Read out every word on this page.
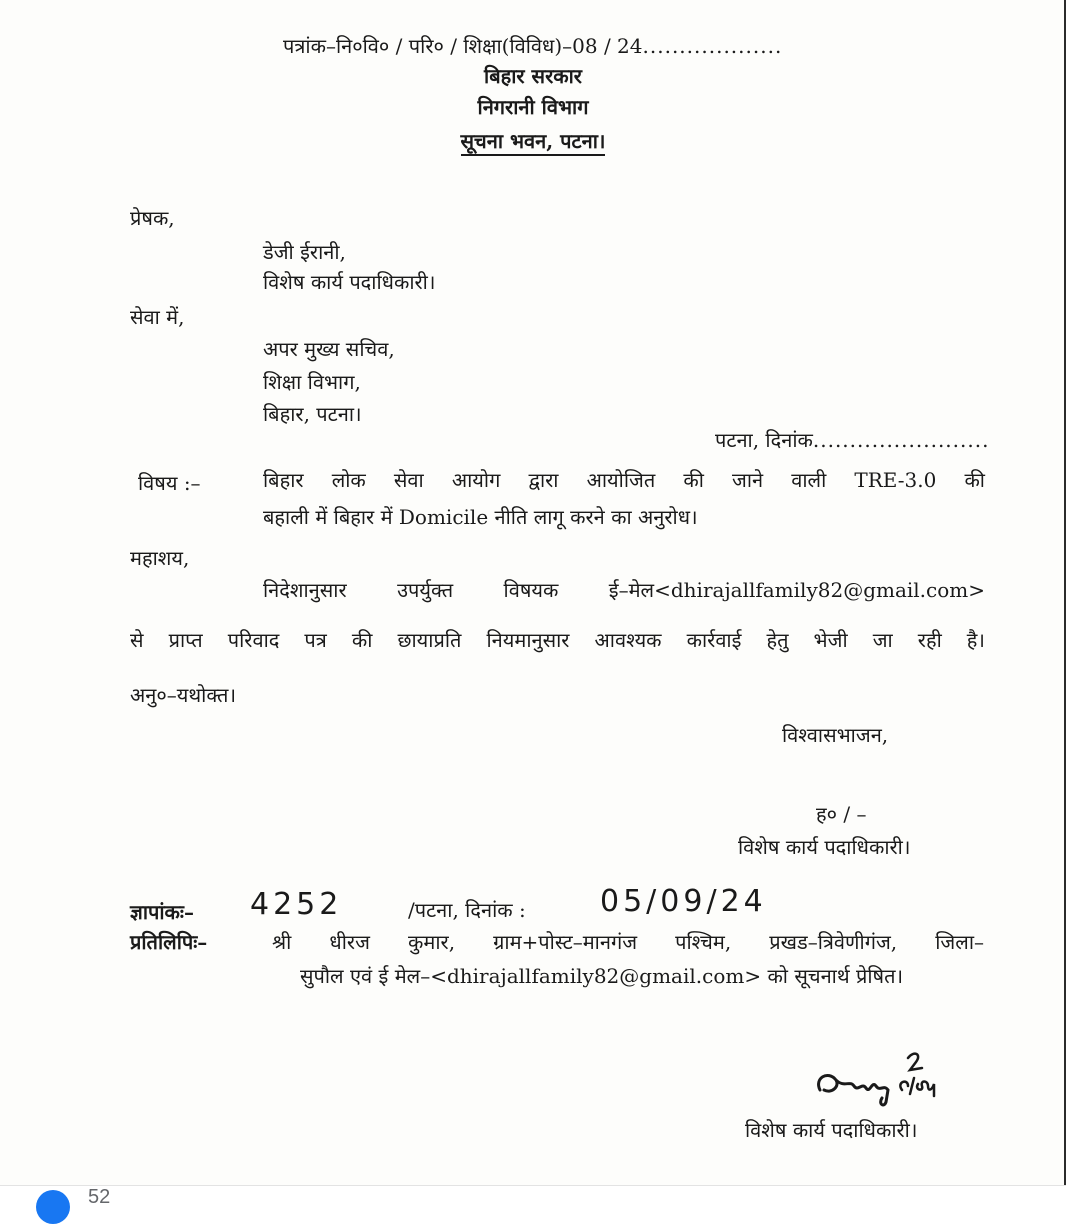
पत्रांक–नि०वि० / परि० / शिक्षा(विविध)–08 / 24...................
बिहार सरकार
निगरानी विभाग
सूचना भवन, पटना।
प्रेषक,
डेजी ईरानी,
विशेष कार्य पदाधिकारी।
सेवा में,
अपर मुख्य सचिव,
शिक्षा विभाग,
बिहार, पटना।
पटना, दिनांक........................
विषय :–	बिहार लोक सेवा आयोग द्वारा आयोजित की जाने वाली TRE-3.0 की
बहाली में बिहार में Domicile नीति लागू करने का अनुरोध।
महाशय,
निदेशानुसार उपर्युक्त विषयक ई–मेल<dhirajallfamily82@gmail.com>
से प्राप्त परिवाद पत्र की छायाप्रति नियमानुसार आवश्यक कार्रवाई हेतु भेजी जा रही है।
अनु०–यथोक्त।
विश्वासभाजन,
ह० / –
विशेष कार्य पदाधिकारी।
ज्ञापांकः– 4252	/पटना, दिनांक : 05/09/24
प्रतिलिपिः–	श्री धीरज कुमार, ग्राम+पोस्ट–मानगंज पश्चिम, प्रखड–त्रिवेणीगंज, जिला–
सुपौल एवं ई मेल–<dhirajallfamily82@gmail.com> को सूचनार्थ प्रेषित।
विशेष कार्य पदाधिकारी।
52
